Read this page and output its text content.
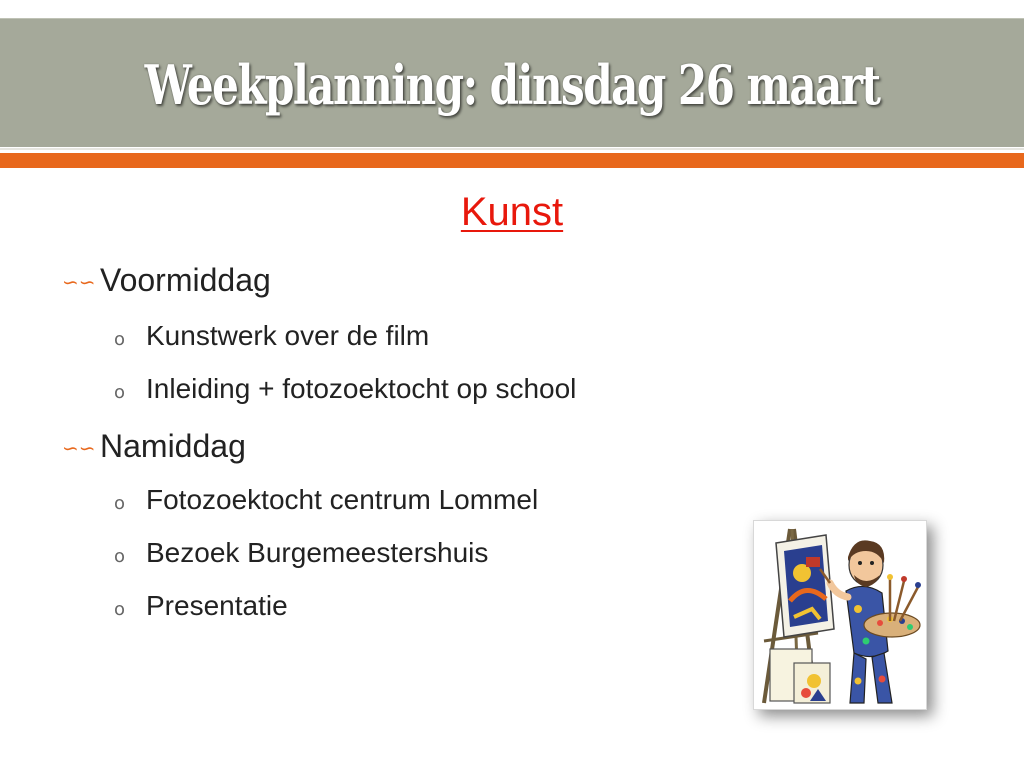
Weekplanning: dinsdag 26 maart
Kunst
∽∽ Voormiddag
o Kunstwerk over de film
o Inleiding + fotozoektocht op school
∽∽ Namiddag
o Fotozoektocht centrum Lommel
o Bezoek Burgemeestershuis
o Presentatie
